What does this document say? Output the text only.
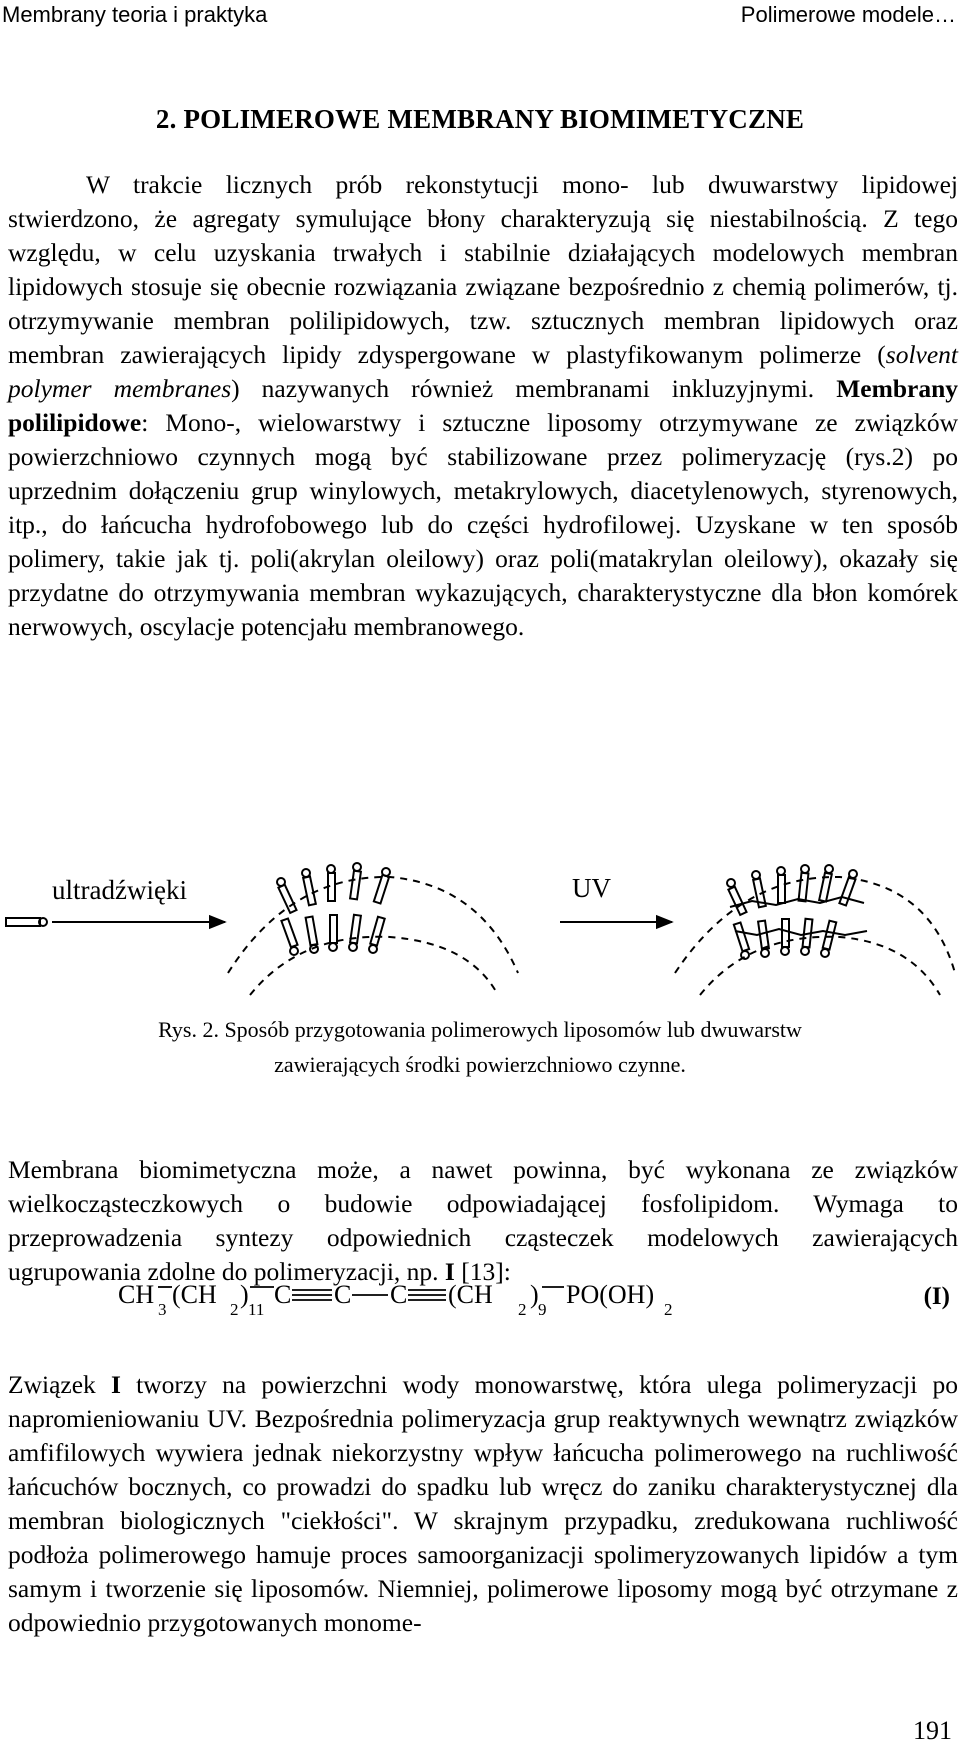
Membrany teoria i praktyka	Polimerowe modele…
2. POLIMEROWE MEMBRANY BIOMIMETYCZNE

W trakcie licznych prób rekonstytucji mono- lub dwuwarstwy lipidowej stwierdzono, że agregaty symulujące błony charakteryzują się niestabilnością. Z tego względu, w celu uzyskania trwałych i stabilnie działających modelowych membran lipidowych stosuje się obecnie rozwiązania związane bezpośrednio z chemią polimerów, tj. otrzymywanie membran polilipidowych, tzw. sztucznych membran lipidowych oraz membran zawierających lipidy zdyspergowane w plastyfikowanym polimerze (solvent polymer membranes) nazywanych również membranami inkluzyjnymi. Membrany polilipidowe: Mono-, wielowarstwy i sztuczne liposomy otrzymywane ze związków powierzchniowo czynnych mogą być stabilizowane przez polimeryzację (rys.2) po uprzednim dołączeniu grup winylowych, metakrylowych, diacetylenowych, styrenowych, itp., do łańcucha hydrofobowego lub do części hydrofilowej. Uzyskane w ten sposób polimery, takie jak tj. poli(akrylan oleilowy) oraz poli(matakrylan oleilowy), okazały się przydatne do otrzymywania membran wykazujących, charakterystyczne dla błon komórek nerwowych, oscylacje potencjału membranowego.

ultradźwięki	UV
Rys. 2. Sposób przygotowania polimerowych liposomów lub dwuwarstw
zawierających środki powierzchniowo czynne.

Membrana biomimetyczna może, a nawet powinna, być wykonana ze związków wielkocząsteczkowych o budowie odpowiadającej fosfolipidom. Wymaga to przeprowadzenia syntezy odpowiednich cząsteczek modelowych zawierających ugrupowania zdolne do polimeryzacji, np. I [13]:

CH
3
(CH
2
)
11
C C C (CH
2
)
9
PO(OH)
2	(I)

Związek I tworzy na powierzchni wody monowarstwę, która ulega polimeryzacji po napromieniowaniu UV. Bezpośrednia polimeryzacja grup reaktywnych wewnątrz związków amfifilowych wywiera jednak niekorzystny wpływ łańcucha polimerowego na ruchliwość łańcuchów bocznych, co prowadzi do spadku lub wręcz do zaniku charakterystycznej dla membran biologicznych "ciekłości". W skrajnym przypadku, zredukowana ruchliwość podłoża polimerowego hamuje proces samoorganizacji spolimeryzowanych lipidów a tym samym i tworzenie się liposomów. Niemniej, polimerowe liposomy mogą być otrzymane z odpowiednio przygotowanych monome-

191
